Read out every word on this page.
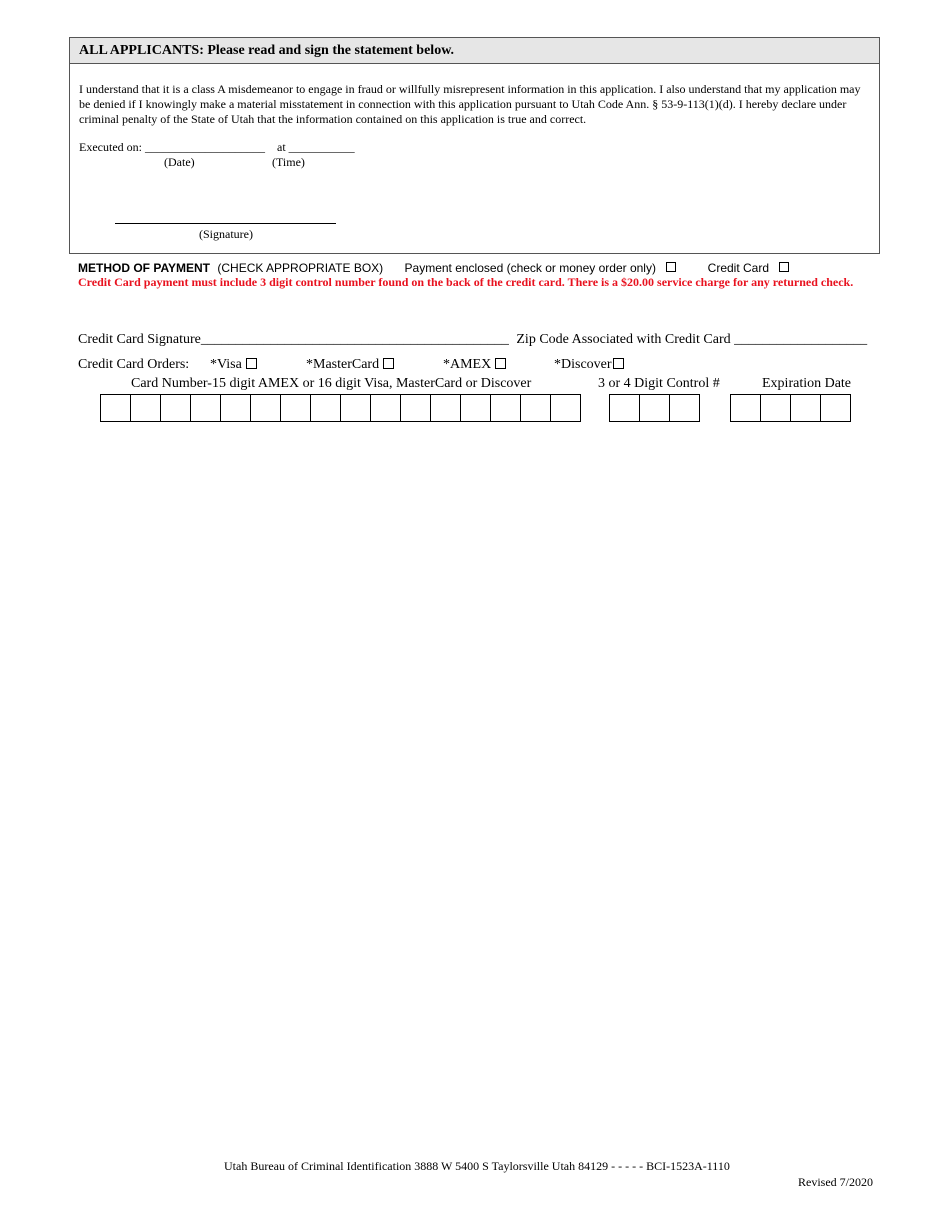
ALL APPLICANTS: Please read and sign the statement below.

I understand that it is a class A misdemeanor to engage in fraud or willfully misrepresent information in this application. I also understand that my application may be denied if I knowingly make a material misstatement in connection with this application pursuant to Utah Code Ann. § 53-9-113(1)(d). I hereby declare under criminal penalty of the State of Utah that the information contained on this application is true and correct.

Executed on: ____________________ at ___________
(Date)	(Time)
(Signature)
METHOD OF PAYMENT (CHECK APPROPRIATE BOX) Payment enclosed (check or money order only)	Credit Card
Credit Card payment must include 3 digit control number found on the back of the credit card. There is a $20.00 service charge for any returned check.
Credit Card Signature____________________________________________ Zip Code Associated with Credit Card ___________________
Credit Card Orders: *Visa	*MasterCard	*AMEX	*Discover
Card Number-15 digit AMEX or 16 digit Visa, MasterCard or Discover	3 or 4 Digit Control #	Expiration Date
Utah Bureau of Criminal Identification 3888 W 5400 S Taylorsville Utah 84129 - - - - - BCI-1523A-1110
Revised 7/2020
